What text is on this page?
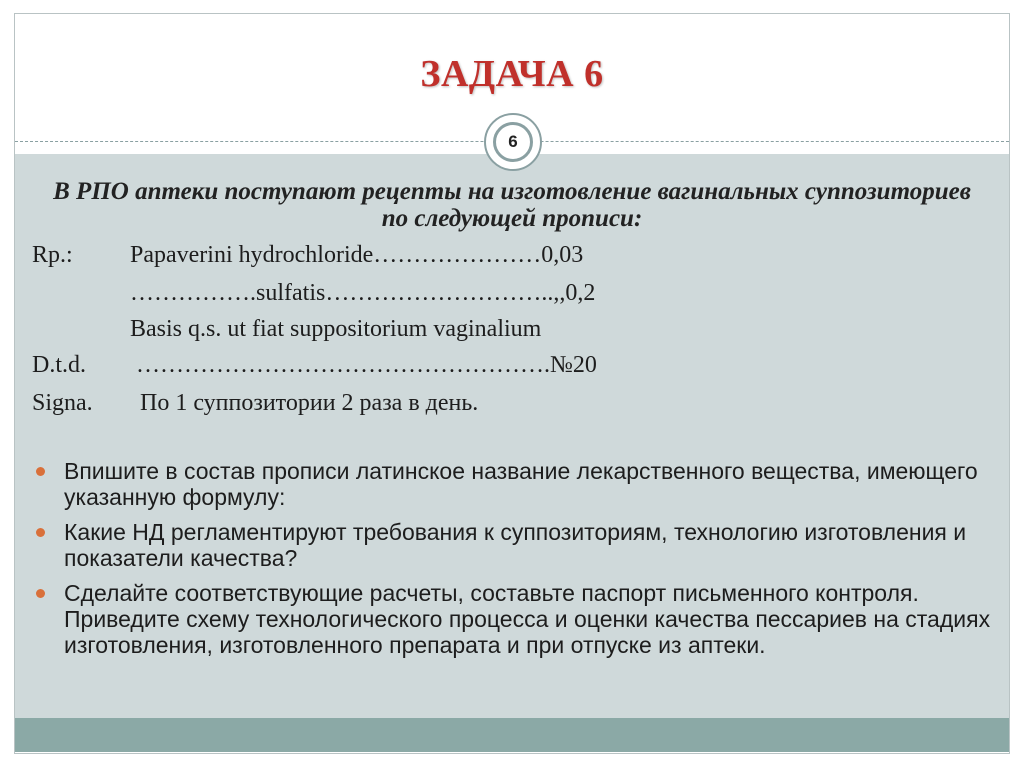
ЗАДАЧА 6
6
В РПО аптеки поступают рецепты на изготовление вагинальных суппозиториев по следующей прописи:
Rp.: Papaverini hydrochloride…………………0,03
…………….sulfatis………………………..,,0,2
Basis q.s. ut fiat suppositorium vaginalium
D.t.d. …………………………………………….№20
Signa. По 1 суппозитории 2 раза в день.
Впишите в состав прописи латинское название лекарственного вещества, имеющего указанную формулу:
Какие НД регламентируют требования к суппозиториям, технологию изготовления и показатели качества?
Сделайте соответствующие расчеты, составьте паспорт письменного контроля. Приведите схему технологического процесса и оценки качества пессариев на стадиях изготовления, изготовленного препарата и при отпуске из аптеки.
